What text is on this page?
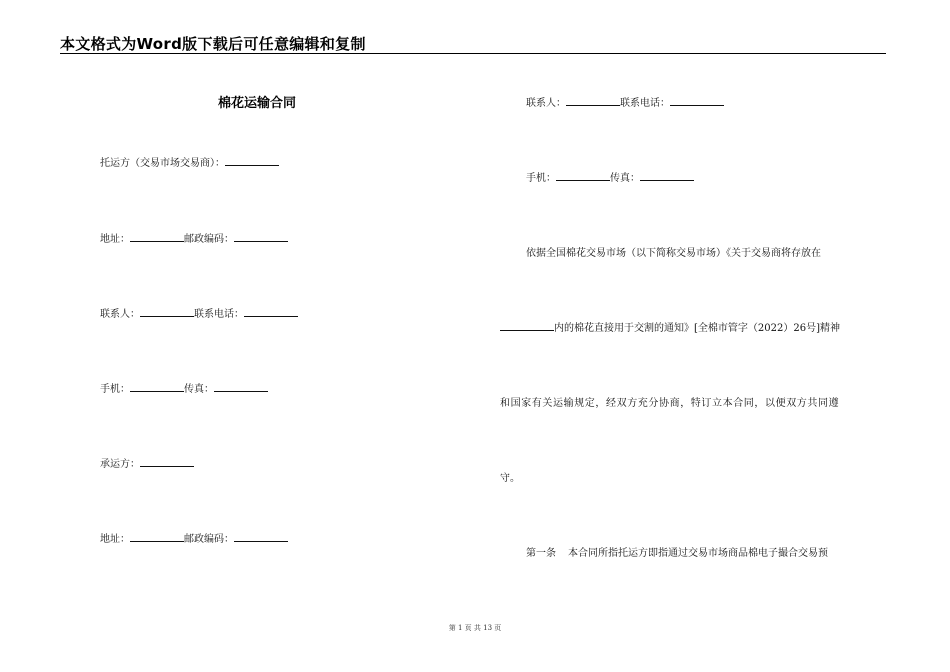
本文格式为Word版下载后可任意编辑和复制
棉花运输合同
托运方（交易市场交易商）：
地址：	邮政编码：
联系人：	联系电话：
手机：	传真：
承运方：
地址：	邮政编码：
联系人：	联系电话：
手机：	传真：
依据全国棉花交易市场（以下简称交易市场）《关于交易商将存放在
内的棉花直接用于交割的通知》[全棉市管字（2022）26号]精神
和国家有关运输规定，经双方充分协商，特订立本合同，以便双方共同遵
守。
第一条 本合同所指托运方即指通过交易市场商品棉电子撮合交易预
第 1 页 共 13 页
